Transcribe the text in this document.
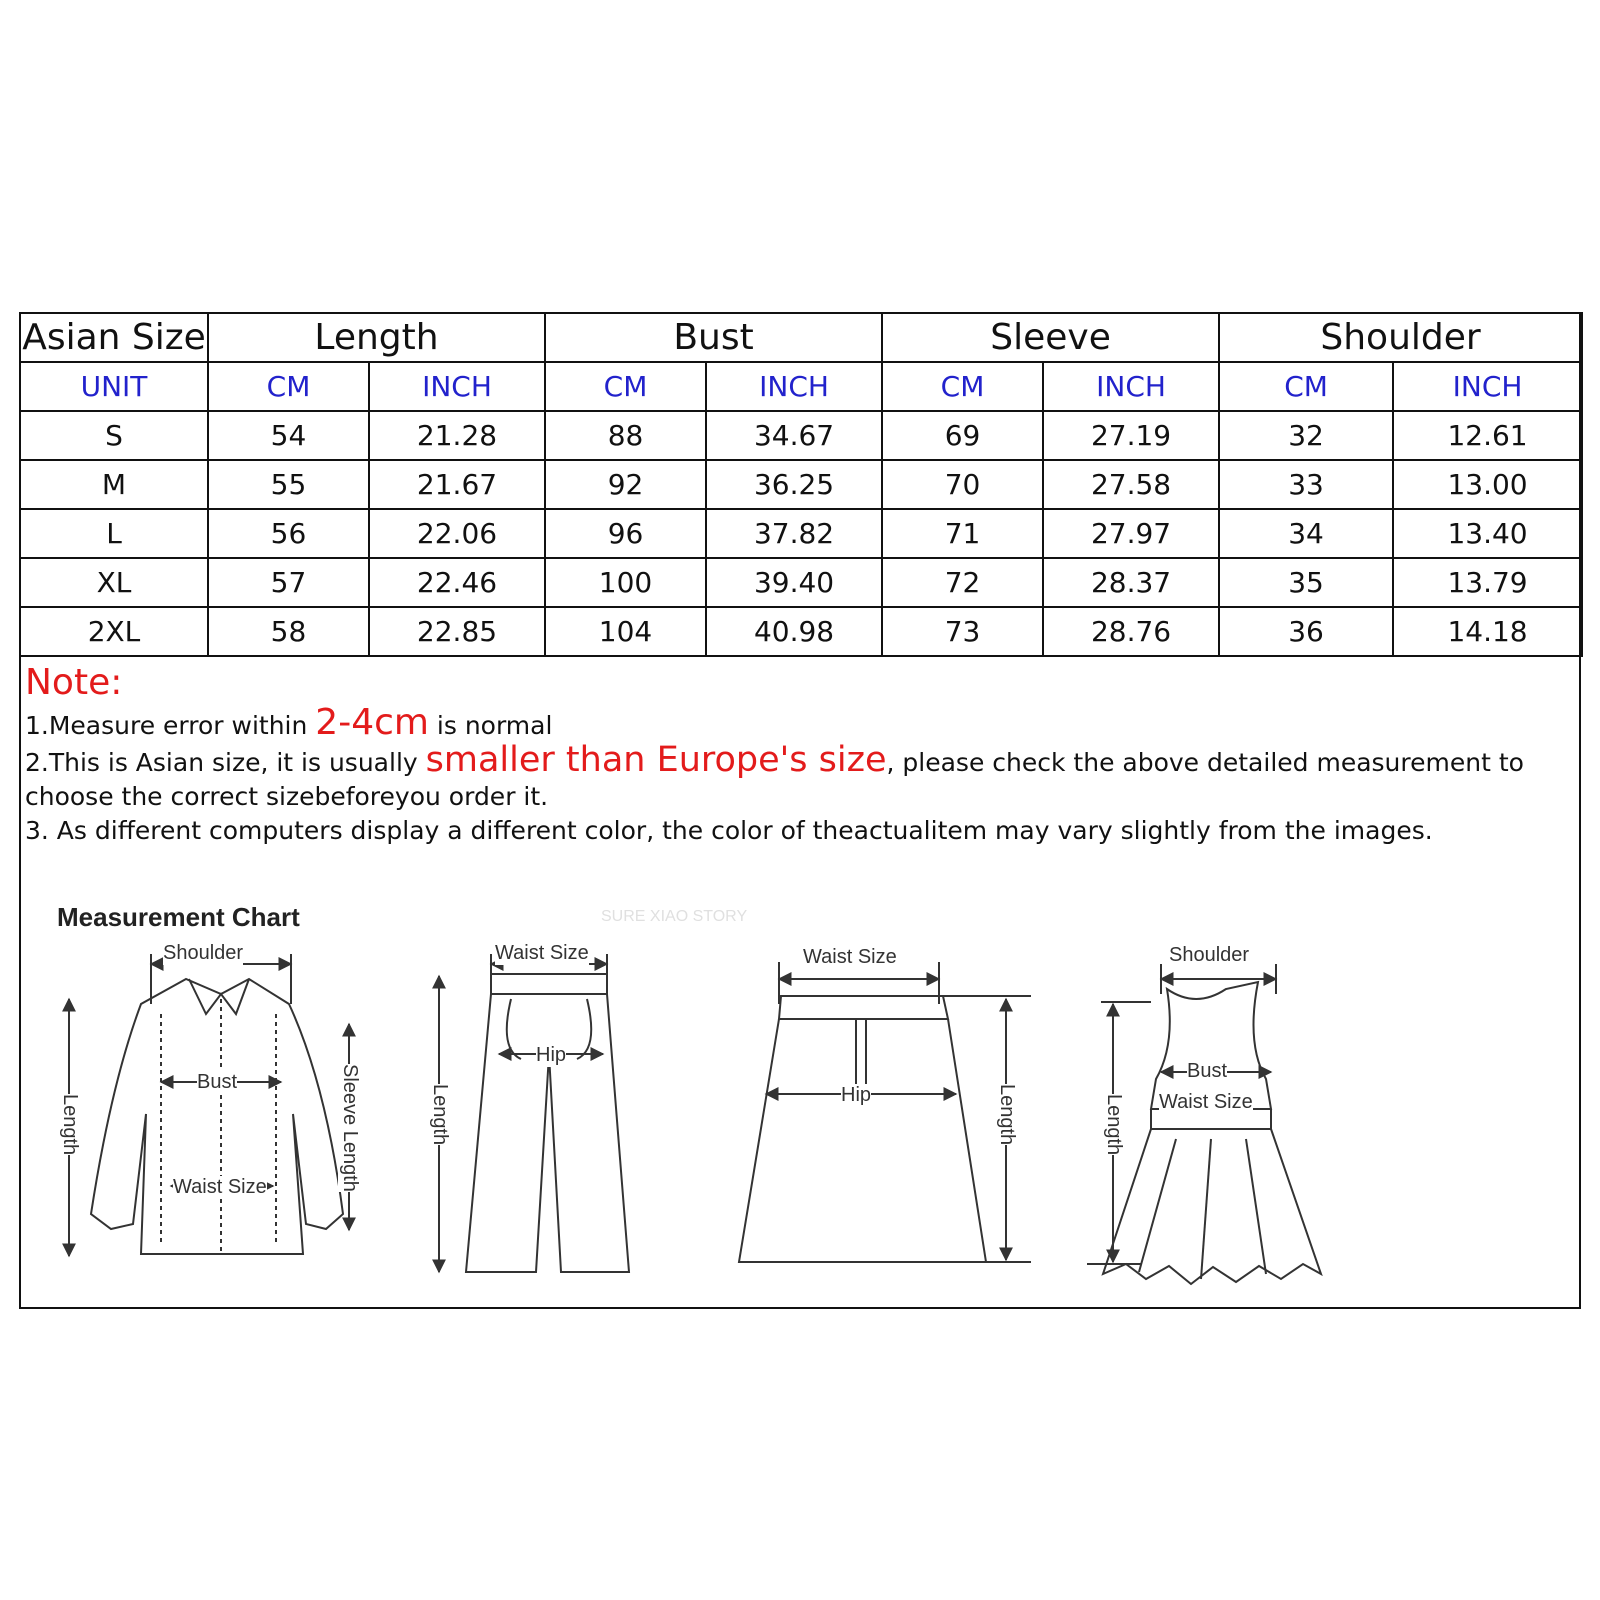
Asian Size	Length		Bust		Sleeve		Shoulder	
UNIT	CM	INCH	CM	INCH	CM	INCH	CM	INCH
S	54	21.28	88	34.67	69	27.19	32	12.61
M	55	21.67	92	36.25	70	27.58	33	13.00
L	56	22.06	96	37.82	71	27.97	34	13.40
XL	57	22.46	100	39.40	72	28.37	35	13.79
2XL	58	22.85	104	40.98	73	28.76	36	14.18
Note:
1.Measure error within 2-4cm is normal
2.This is Asian size, it is usually smaller than Europe's size, please check the above detailed measurement to
choose the correct sizebeforeyou order it.
3. As different computers display a different color, the color of theactualitem may vary slightly from the images.
Measurement Chart	SURE XIAO STORY
Shoulder
Bust
Waist Size
Length	Sleeve Length
Waist Size
Hip
Length
Waist Size
Hip	Length
Shoulder
Bust
Waist Size
Length
